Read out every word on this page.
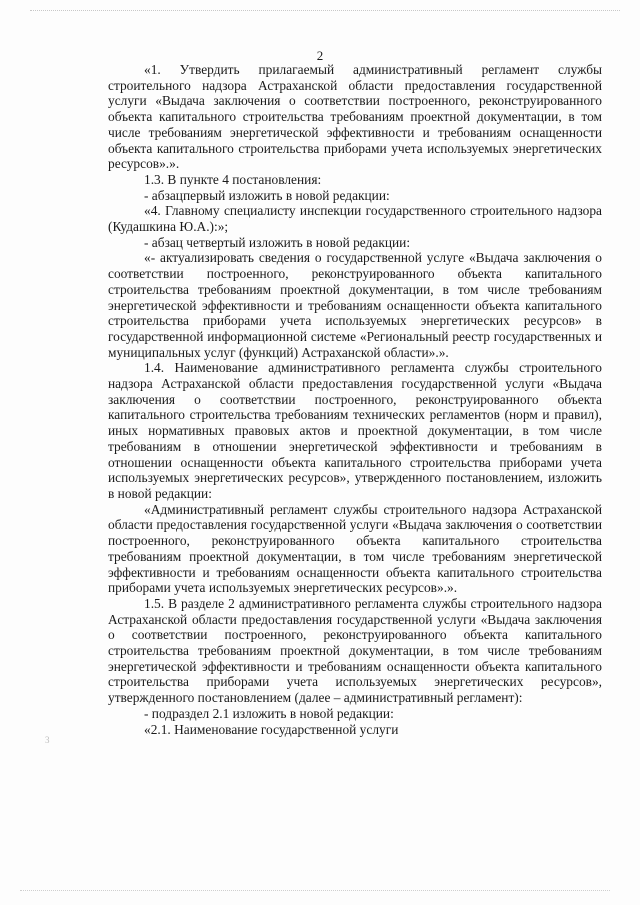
2

«1. Утвердить прилагаемый административный регламент службы строительного надзора Астраханской области предоставления государственной услуги «Выдача заключения о соответствии построенного, реконструированного объекта капитального строительства требованиям проектной документации, в том числе требованиям энергетической эффективности и требованиям оснащенности объекта капитального строительства приборами учета используемых энергетических ресурсов».».

1.3. В пункте 4 постановления:

- абзацпервый изложить в новой редакции:

«4. Главному специалисту инспекции государственного строительного надзора (Кудашкина Ю.А.):»;

- абзац четвертый изложить в новой редакции:

«- актуализировать сведения о государственной услуге «Выдача заключения о соответствии построенного, реконструированного объекта капитального строительства требованиям проектной документации, в том числе требованиям энергетической эффективности и требованиям оснащенности объекта капитального строительства приборами учета используемых энергетических ресурсов» в государственной информационной системе «Региональный реестр государственных и муниципальных услуг (функций) Астраханской области».».

1.4. Наименование административного регламента службы строительного надзора Астраханской области предоставления государственной услуги «Выдача заключения о соответствии построенного, реконструированного объекта капитального строительства требованиям технических регламентов (норм и правил), иных нормативных правовых актов и проектной документации, в том числе требованиям в отношении энергетической эффективности и требованиям в отношении оснащенности объекта капитального строительства приборами учета используемых энергетических ресурсов», утвержденного постановлением, изложить в новой редакции:

«Административный регламент службы строительного надзора Астраханской области предоставления государственной услуги «Выдача заключения о соответствии построенного, реконструированного объекта капитального строительства требованиям проектной документации, в том числе требованиям энергетической эффективности и требованиям оснащенности объекта капитального строительства приборами учета используемых энергетических ресурсов».».

1.5. В разделе 2 административного регламента службы строительного надзора Астраханской области предоставления государственной услуги «Выдача заключения о соответствии построенного, реконструированного объекта капитального строительства требованиям проектной документации, в том числе требованиям энергетической эффективности и требованиям оснащенности объекта капитального строительства приборами учета используемых энергетических ресурсов», утвержденного постановлением (далее – административный регламент):

- подраздел 2.1 изложить в новой редакции:

«2.1. Наименование государственной услуги

3
